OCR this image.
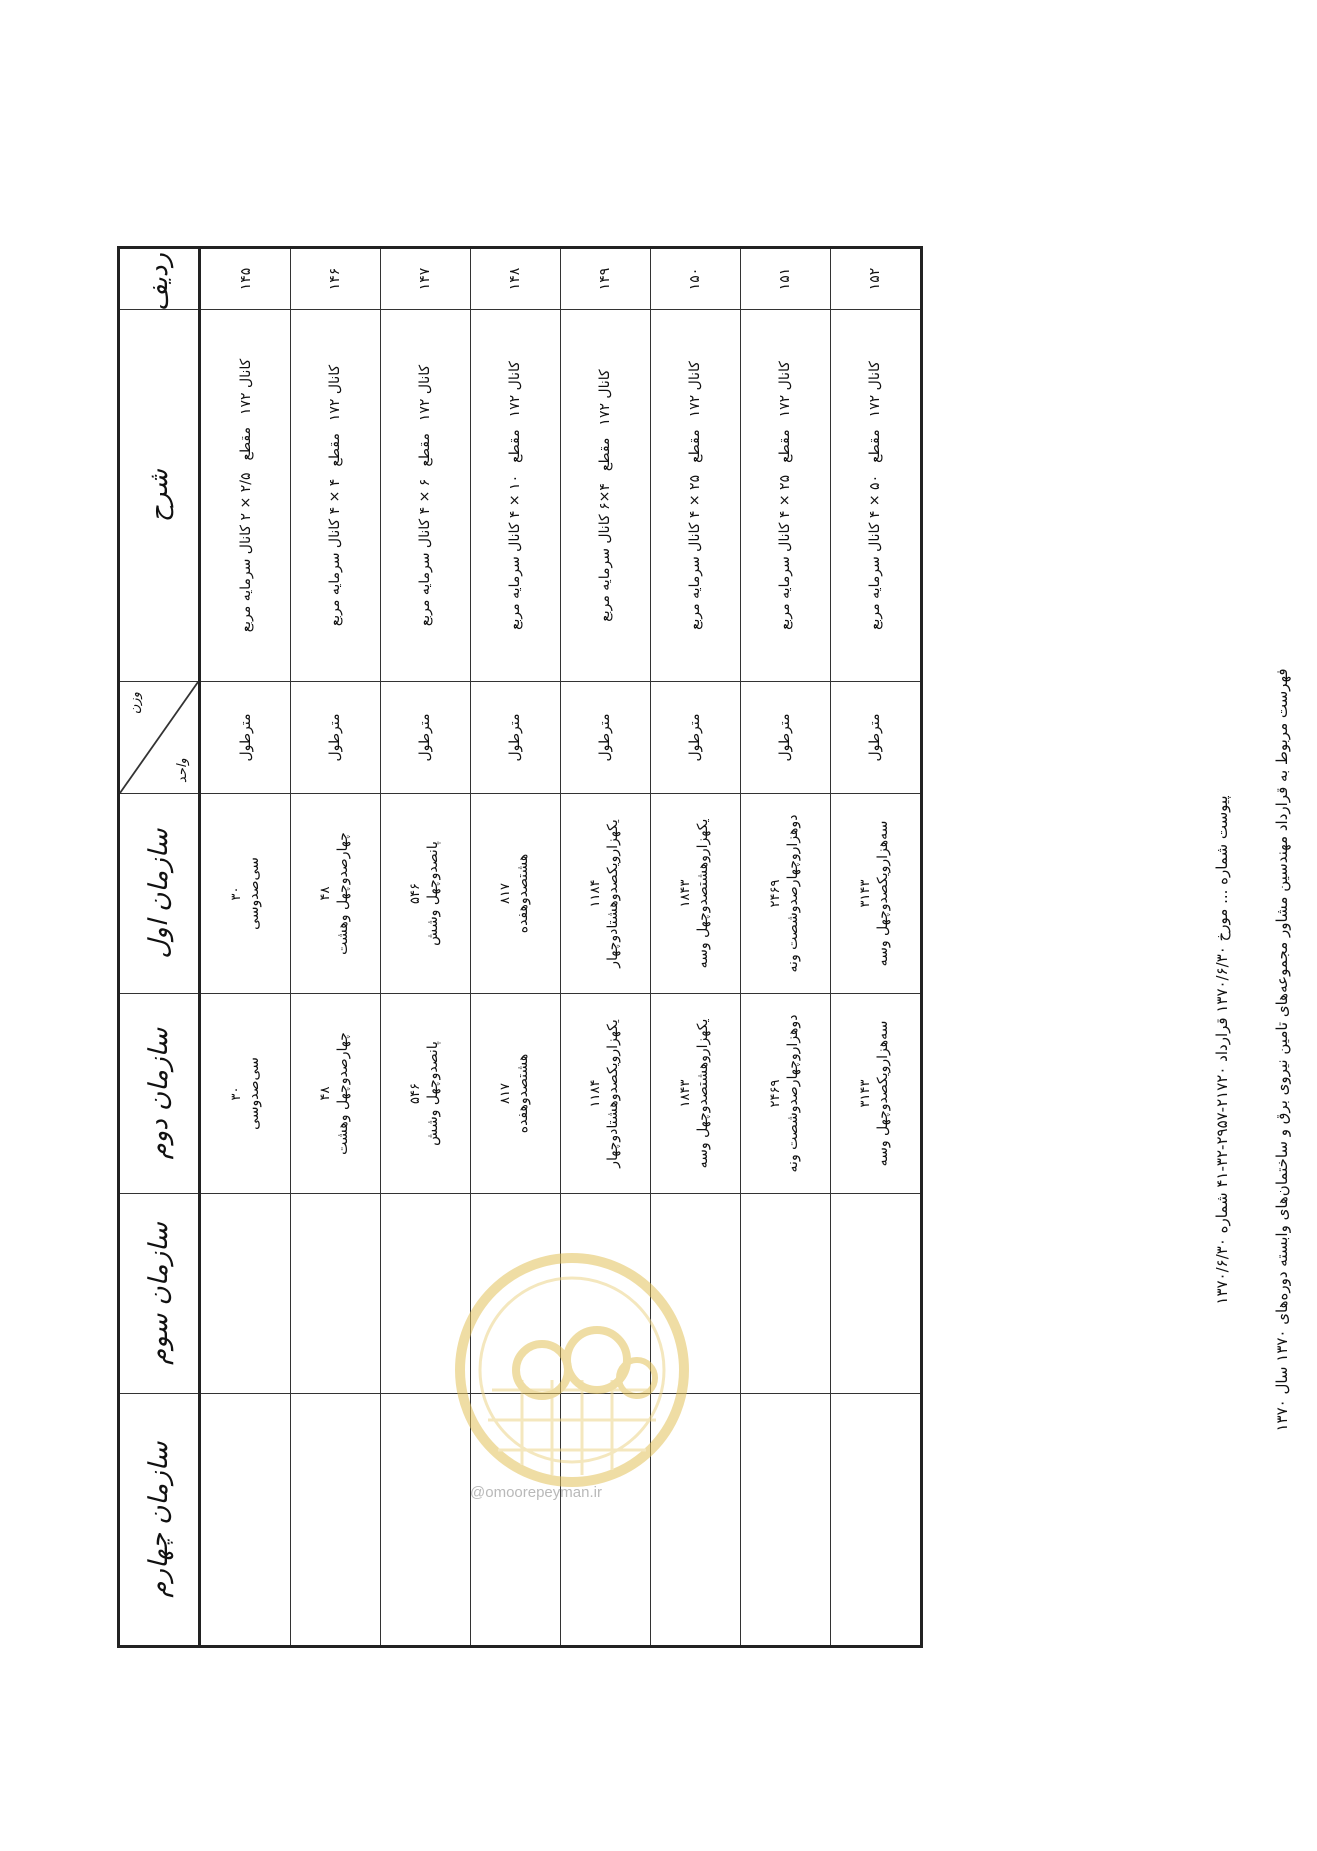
فهرست مربوط به قرارداد مهندسین مشاور مجموعه‌های تامین نیروی برق و ساختمان‌های وابسته دوره‌های ۱۳۷۰ سال ۱۳۷۰
پیوست شماره ... مورخ ۱۳۷۰/۶/۳۰ قرارداد ۲۱۷۲۰-۲۹۵۷-۳۲-۴۱ شماره ۱۳۷۰/۶/۳۰
ردیف	شرح	وزن
واحد	سازمان اول	سازمان دوم	سازمان سوم	سازمان چهارم
۱۴۵	کانال ۱۷۲مقطع۲/۵ × ۲ کانال سرمایه مربع	مترطول	۳۰ سی‌صدوسی	۳۰ سی‌صدوسی		

۱۴۶	کانال ۱۷۲مقطع۴ × ۴ کانال سرمایه مربع	مترطول	۴۸ چهارصدوچهل وهشت	۴۸ چهارصدوچهل وهشت		

۱۴۷	کانال ۱۷۲مقطع۶ × ۴ کانال سرمایه مربع	مترطول	۵۴۶ پانصدوچهل وشش	۵۴۶ پانصدوچهل وشش		

۱۴۸	کانال ۱۷۲مقطع۱۰ × ۴ کانال سرمایه مربع	مترطول	۸۱۷ هشتصدوهفده	۸۱۷ هشتصدوهفده		

۱۴۹	کانال ۱۷۲مقطع۴×۶ کانال سرمایه مربع	مترطول	۱۱۸۴ یکهزارویکصدوهشتادوچهار	۱۱۸۴ یکهزارویکصدوهشتادوچهار		

۱۵۰	کانال ۱۷۲مقطع۲۵ × ۴ کانال سرمایه مربع	مترطول	۱۸۴۳ یکهزاروهشتصدوچهل وسه	۱۸۴۳ یکهزاروهشتصدوچهل وسه		

۱۵۱	کانال ۱۷۲مقطع۲۵ × ۴ کانال سرمایه مربع	مترطول	۲۴۶۹ دوهزاروچهارصدوشصت ونه	۲۴۶۹ دوهزاروچهارصدوشصت ونه		

۱۵۲	کانال ۱۷۲مقطع۵۰ × ۴ کانال سرمایه مربع	مترطول	۳۱۴۳ سه‌هزارویکصدوچهل وسه	۳۱۴۳ سه‌هزارویکصدوچهل وسه		

@omoorepeyman.ir
